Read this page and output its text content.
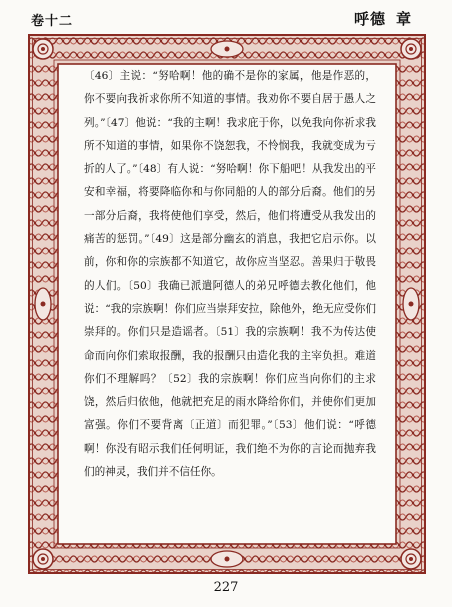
卷十二	呼德 章

〔46〕主说：“努哈啊！他的确不是你的家属，他是作恶的，你不要向我祈求你所不知道的事情。我劝你不要自居于愚人之列。”〔47〕他说：“我的主啊！我求庇于你，以免我向你祈求我所不知道的事情，如果你不饶恕我，不怜悯我，我就变成为亏折的人了。”〔48〕有人说：“努哈啊！你下船吧！从我发出的平安和幸福，将要降临你和与你同船的人的部分后裔。他们的另一部分后裔，我将使他们享受，然后，他们将遭受从我发出的痛苦的惩罚。”〔49〕这是部分幽玄的消息，我把它启示你。以前，你和你的宗族都不知道它，故你应当坚忍。善果归于敬畏的人们。〔50〕我确已派遣阿德人的弟兄呼德去教化他们，他说：“我的宗族啊！你们应当崇拜安拉，除他外，绝无应受你们崇拜的。你们只是造谣者。〔51〕我的宗族啊！我不为传达使命而向你们索取报酬，我的报酬只由造化我的主宰负担。难道你们不理解吗？〔52〕我的宗族啊！你们应当向你们的主求饶，然后归依他，他就把充足的雨水降给你们，并使你们更加富强。你们不要背离〔正道〕而犯罪。”〔53〕他们说：“呼德啊！你没有昭示我们任何明证，我们绝不为你的言论而抛弃我们的神灵，我们并不信任你。

227
